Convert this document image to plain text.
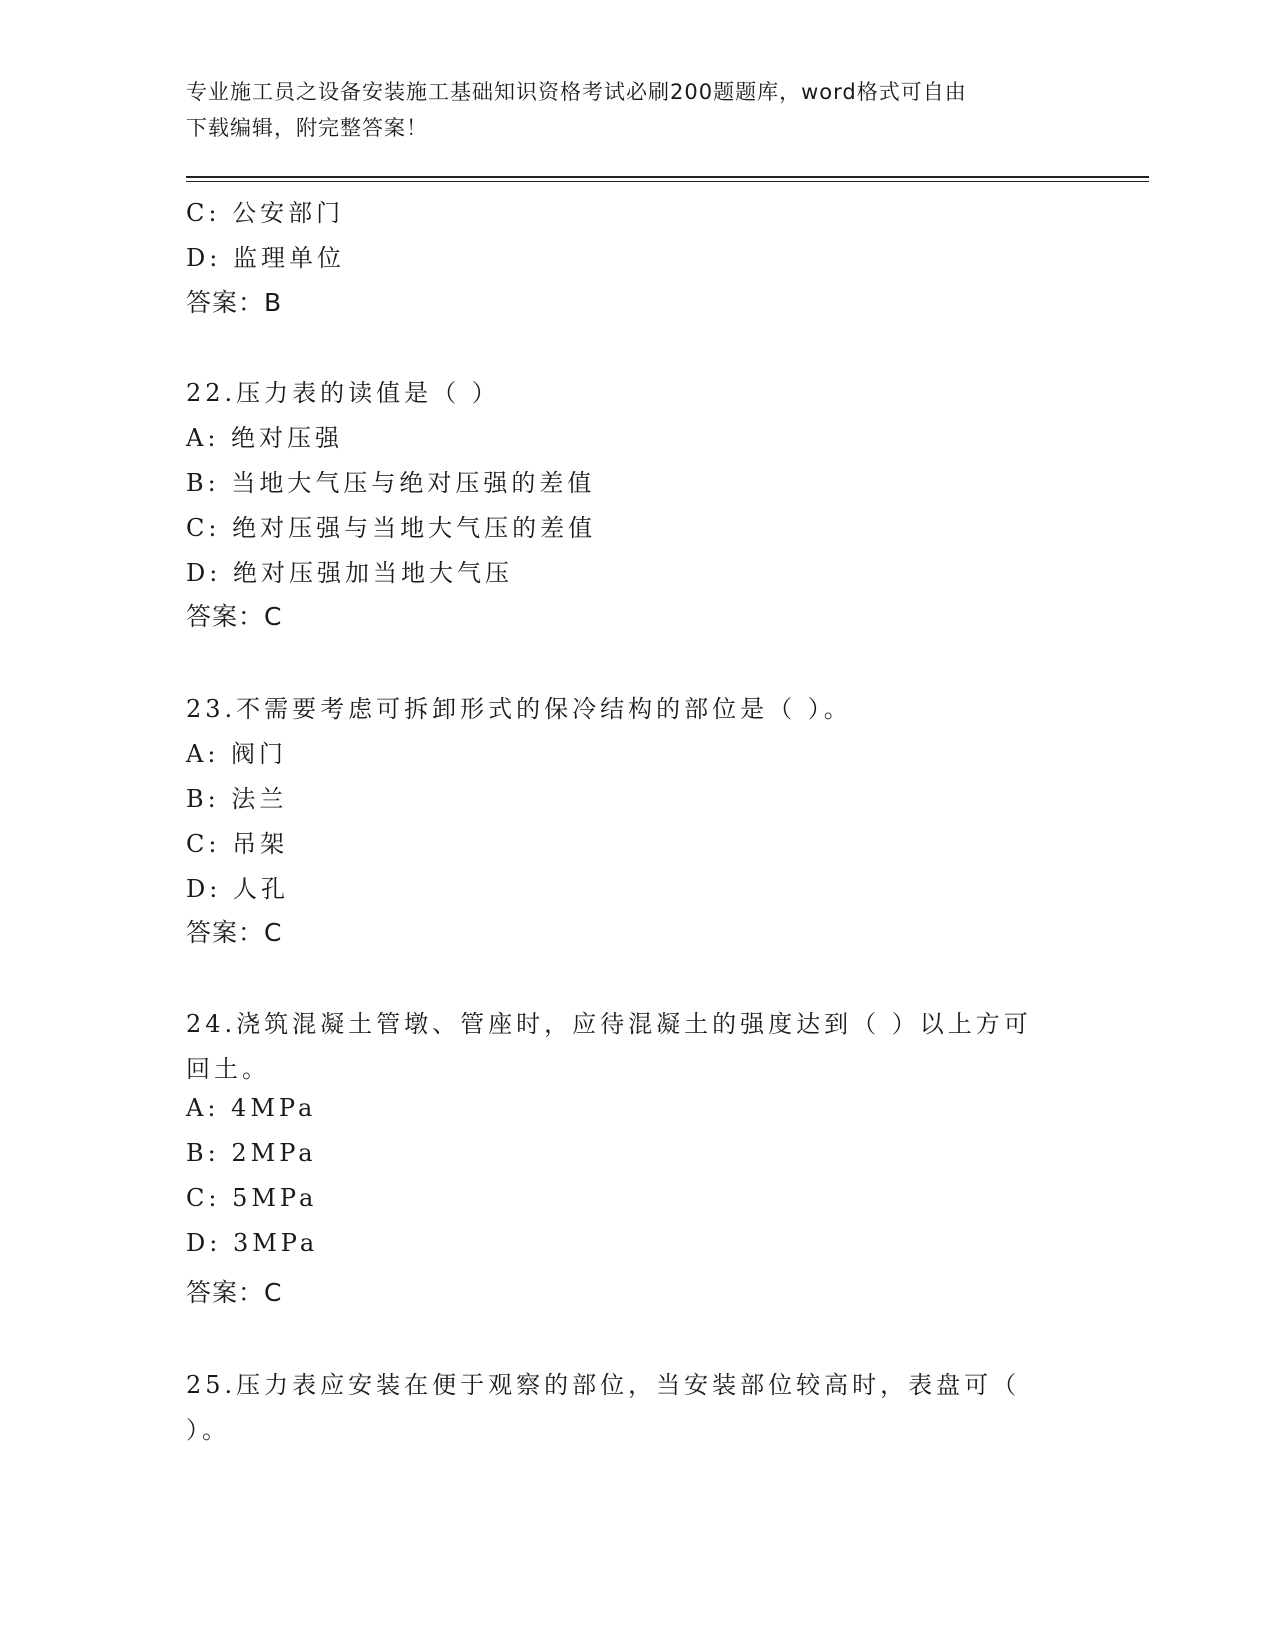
专业施工员之设备安装施工基础知识资格考试必刷200题题库，word格式可自由
下载编辑，附完整答案！
C: 公安部门
D: 监理单位
答案：B
22.压力表的读值是（ ）
A: 绝对压强
B: 当地大气压与绝对压强的差值
C: 绝对压强与当地大气压的差值
D: 绝对压强加当地大气压
答案：C
23.不需要考虑可拆卸形式的保冷结构的部位是（ ）。
A: 阀门
B: 法兰
C: 吊架
D: 人孔
答案：C
24.浇筑混凝土管墩、管座时，应待混凝土的强度达到（ ）以上方可
回土。
A: 4MPa
B: 2MPa
C: 5MPa
D: 3MPa
答案：C
25.压力表应安装在便于观察的部位，当安装部位较高时，表盘可（
）。
